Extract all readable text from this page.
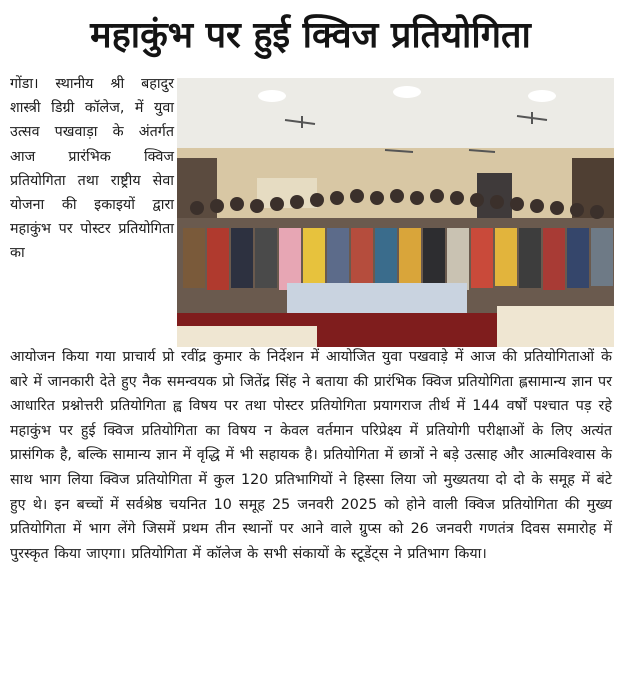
महाकुंभ पर हुई क्विज प्रतियोगिता
गोंडा। स्थानीय श्री बहादुर शास्त्री डिग्री कॉलेज, में युवा उत्सव पखवाड़ा के अंतर्गत आज प्रारंभिक क्विज प्रतियोगिता तथा राष्ट्रीय सेवा योजना की इकाइयों द्वारा महाकुंभ पर पोस्टर प्रतियोगिता का
आयोजन किया गया प्राचार्य प्रो रवींद्र कुमार के निर्देशन में आयोजित युवा पखवाड़े में आज की प्रतियोगिताओं के बारे में जानकारी देते हुए नैक समन्वयक प्रो जितेंद्र सिंह ने बताया की प्रारंभिक क्विज प्रतियोगिता ह्लसामान्य ज्ञान पर आधारित प्रश्नोत्तरी प्रतियोगिता ह्व विषय पर तथा पोस्टर प्रतियोगिता प्रयागराज तीर्थ में 144 वर्षों पश्चात पड़ रहे महाकुंभ पर हुई क्विज प्रतियोगिता का विषय न केवल वर्तमान परिप्रेक्ष्य में प्रतियोगी परीक्षाओं के लिए अत्यंत प्रासंगिक है, बल्कि सामान्य ज्ञान में वृद्धि में भी सहायक है। प्रतियोगिता में छात्रों ने बड़े उत्साह और आत्मविश्वास के साथ भाग लिया क्विज प्रतियोगिता में कुल 120 प्रतिभागियों ने हिस्सा लिया जो मुख्यतया दो दो के समूह में बंटे हुए थे। इन बच्चों में सर्वश्रेष्ठ चयनित 10 समूह 25 जनवरी 2025 को होने वाली क्विज प्रतियोगिता की मुख्य प्रतियोगिता में भाग लेंगे जिसमें प्रथम तीन स्थानों पर आने वाले ग्रुप्स को 26 जनवरी गणतंत्र दिवस समारोह में पुरस्कृत किया जाएगा। प्रतियोगिता में कॉलेज के सभी संकायों के स्टूडेंट्स ने प्रतिभाग किया।
